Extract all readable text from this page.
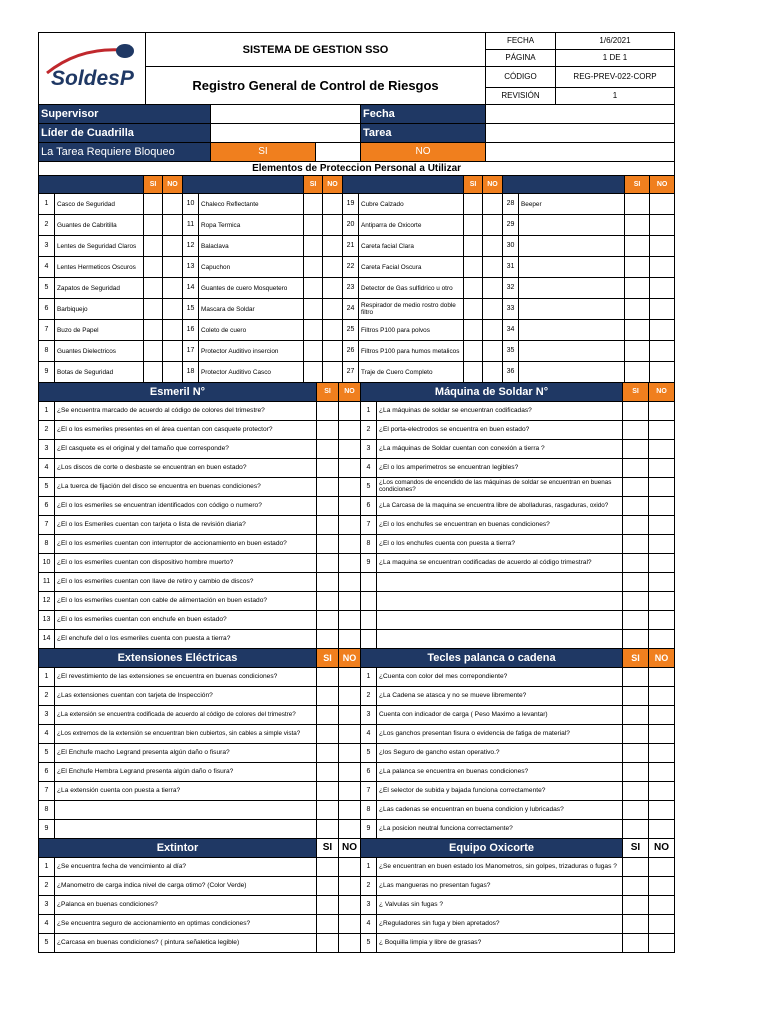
SoldesP	SISTEMA DE GESTION SSO	FECHA	1/6/2021
		PÁGINA	1 DE 1
	Registro General de Control de Riesgos	CÓDIGO	REG-PREV-022-CORP
		REVISIÓN	1
Supervisor		Fecha	
Líder de Cuadrilla		Tarea	
La Tarea Requiere Bloqueo	SI		NO	
Elementos de Proteccion Personal a Utilizar															
		SI	NO			SI	NO			SI	NO			SI	NO
1	Casco de Seguridad			10	Chaleco Reflectante			19	Cubre Calzado			28	Beeper		
2	Guantes de Cabritilla			11	Ropa Termica			20	Antiparra de Oxicorte			29			
3	Lentes de Seguridad Claros			12	Balaclava			21	Careta facial Clara			30			
4	Lentes Hermeticos Oscuros			13	Capuchon			22	Careta Facial Oscura			31			
5	Zapatos de Seguridad			14	Guantes de cuero Mosquetero			23	Detector de Gas sulfidrico u otro			32			
6	Barbiquejo			15	Mascara de Soldar			24	Respirador de medio rostro doble filtro			33			
7	Buzo de Papel			16	Coleto de cuero			25	Filtros P100 para polvos			34			
8	Guantes Dielectricos			17	Protector Auditivo insercion			26	Filtros P100 para humos metalicos			35			
9	Botas de Seguridad			18	Protector Auditivo Casco			27	Traje de Cuero Completo			36			
Esmeril N°		SI	NO	Máquina de Soldar N°		SI	NO
1	¿Se encuentra marcado de acuerdo al código de colores del trimestre?			1	¿La máquinas de soldar se encuentran codificadas?		
2	¿El o los esmeriles presentes en el área cuentan con casquete protector?			2	¿El porta-electrodos se encuentra en buen estado?		
3	¿El casquete es el original y del tamaño que corresponde?			3	¿La máquinas de Soldar cuentan con conexión a tierra ?		
4	¿Los discos de corte o desbaste se encuentran en buen estado?			4	¿El o los amperimetros se encuentran legibles?		
5	¿La tuerca de fijación del disco se encuentra en buenas condiciones?			5	¿Los comandos de encendido de las máquinas de soldar se encuentran en buenas condiciones?		
6	¿El o los esmeriles se encuentran identificados con código o numero?			6	¿La Carcasa de la maquina se encuentra libre de abolladuras, rasgaduras, oxido?		
7	¿El o los Esmeriles cuentan con tarjeta o lista de revisión diaria?			7	¿El o los enchufes se encuentran en buenas condiciones?		
8	¿El o los esmeriles cuentan con interruptor de accionamiento en buen estado?			8	¿El o los enchufes cuenta con puesta a tierra?		
10	¿El o los esmeriles cuentan con dispositivo hombre muerto?			9	¿La maquina se encuentran codificadas de acuerdo al código trimestral?		
11	¿El o los esmeriles cuentan con llave de retiro y cambio de discos?						
12	¿El o los esmeriles cuentan con cable de alimentación en buen estado?						
13	¿El o los esmeriles cuentan con enchufe en buen estado?						
14	¿El enchufe del o los esmeriles cuenta con puesta a tierra?						
Extensiones Eléctricas		SI	NO	Tecles palanca o cadena		SI	NO
1	¿El revestimiento de las extensiones se encuentra en buenas condiciones?			1	¿Cuenta con color del mes correpondiente?		
2	¿Las extensiones cuentan con tarjeta de Inspección?			2	¿La Cadena se atasca y no se mueve libremente?		
3	¿La extensión se encuentra codificada de acuerdo al código de colores del trimestre?			3	Cuenta con indicador de carga ( Peso Maximo a levantar)		
4	¿Los extremos de la extensión se encuentran bien cubiertos, sin cables a simple vista?			4	¿Los ganchos presentan fisura o evidencia de fatiga de material?		
5	¿El Enchufe macho Legrand presenta algún daño o fisura?			5	¿los Seguro de gancho estan operativo.?		
6	¿El Enchufe Hembra Legrand presenta algún daño o fisura?			6	¿La palanca se encuentra en buenas condiciones?		
7	¿La extensión cuenta con puesta a tierra?			7	¿El selector de subida y bajada funciona correctamente?		
8				8	¿Las cadenas se encuentran en buena condicion y lubricadas?		
9				9	¿La posicion neutral funciona correctamente?		
Extintor		SI	NO	Equipo Oxicorte		SI	NO
1	¿Se encuentra fecha de vencimiento al día?			1	¿Se encuentran en buen estado los Manometros, sin golpes, trizaduras o fugas ?		
2	¿Manometro de carga indica nivel de carga otimo? (Color Verde)			2	¿Las mangueras no presentan fugas?		
3	¿Palanca en buenas condiciones?			3	¿ Valvulas sin fugas ?		
4	¿Se encuentra seguro de accionamiento en optimas condiciones?			4	¿Reguladores sin fuga y bien apretados?		
5	¿Carcasa en buenas condiciones? ( pintura señaletica legible)			5	¿ Boquilla limpia y libre de grasas?		
